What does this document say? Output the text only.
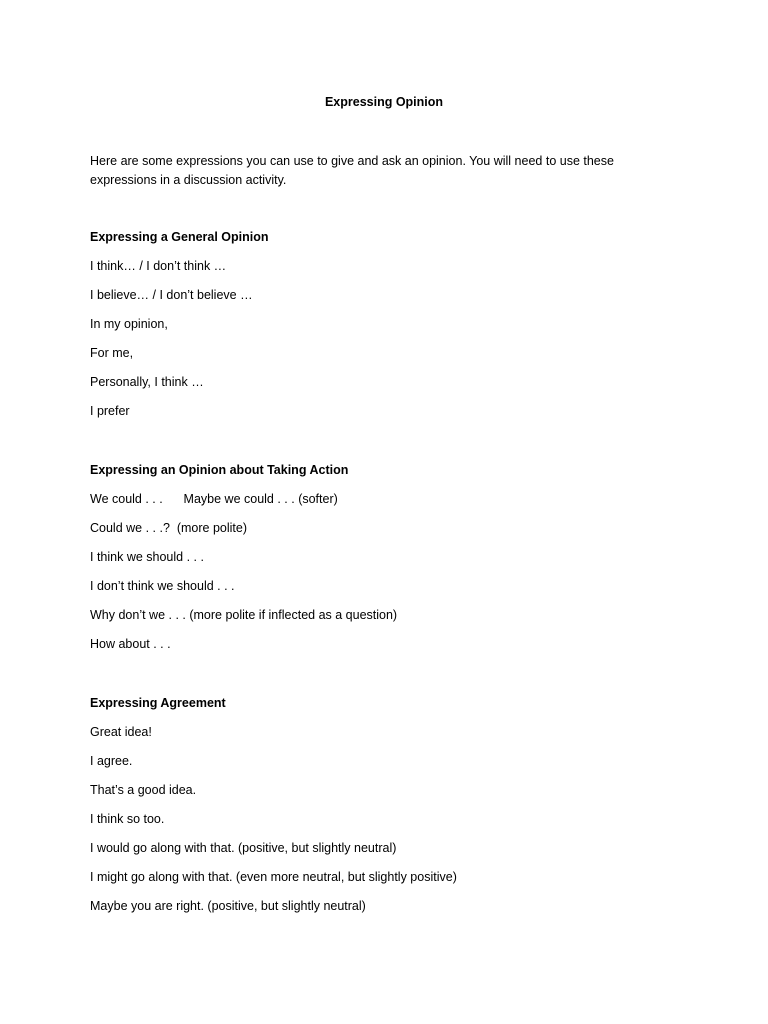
Expressing Opinion
Here are some expressions you can use to give and ask an opinion. You will need to use these expressions in a discussion activity.
Expressing a General Opinion
I think… / I don’t think …
I believe… / I don’t believe …
In my opinion,
For me,
Personally, I think …
I prefer
Expressing an Opinion about Taking Action
We could . . .      Maybe we could . . . (softer)
Could we . . .?  (more polite)
I think we should . . .
I don’t think we should . . .
Why don’t we . . . (more polite if inflected as a question)
How about . . .
Expressing Agreement
Great idea!
I agree.
That’s a good idea.
I think so too.
I would go along with that. (positive, but slightly neutral)
I might go along with that. (even more neutral, but slightly positive)
Maybe you are right. (positive, but slightly neutral)
